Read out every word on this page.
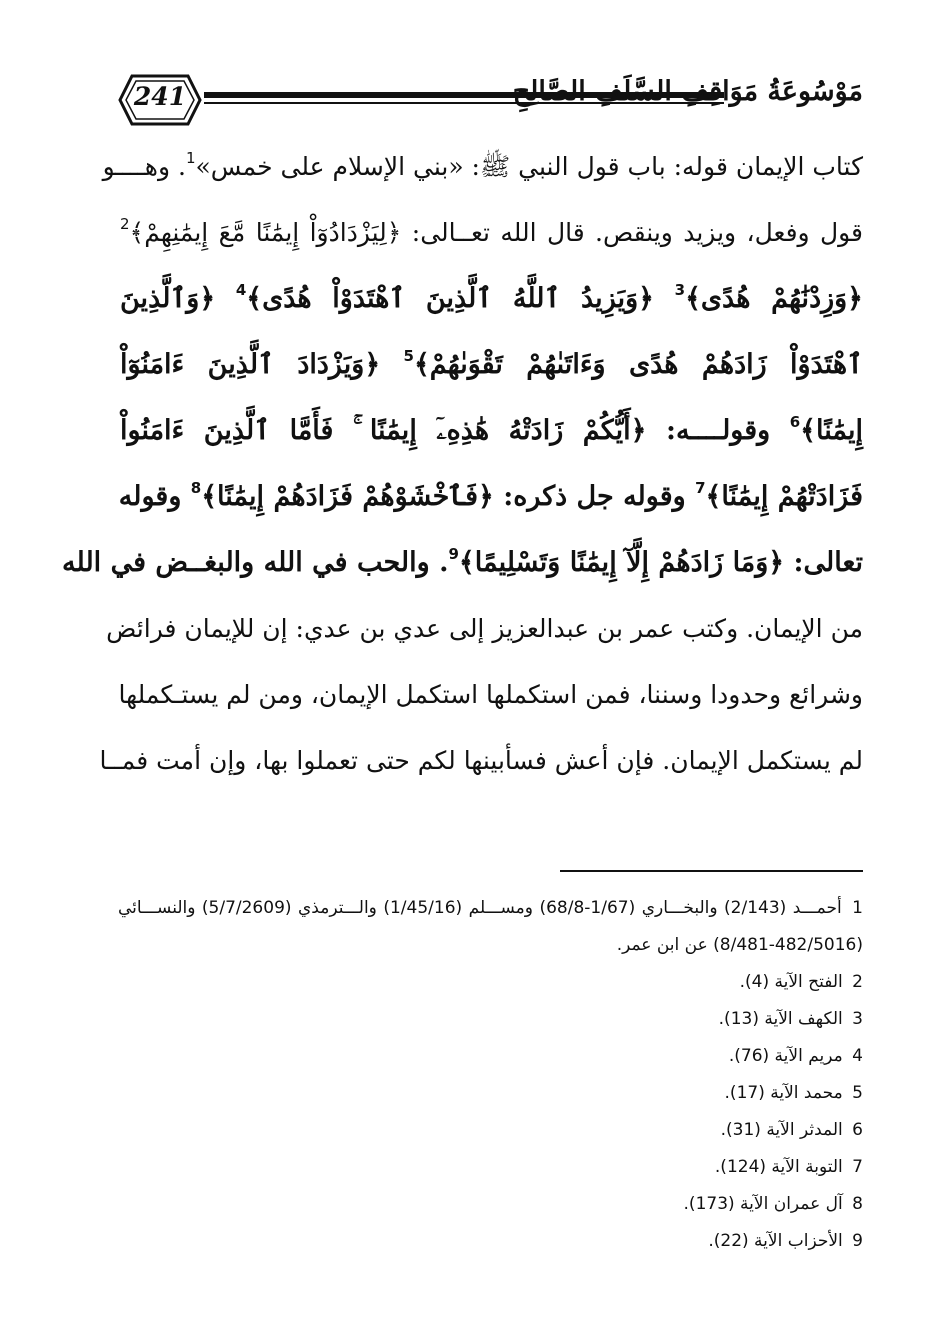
241	مَوْسُوعَةُ مَوَاقِفِ السَّلَفِ الصَّالِحِ
كتاب الإيمان قوله: باب قول النبي ﷺ: «بني الإسلام على خمس»$^1$. وهــــو
قول وفعل، ويزيد وينقص. قال الله تعــالى: ﴿لِيَزْدَادُوٓاْ إِيمَٰنًا مَّعَ إِيمَٰنِهِمْ﴾$^2$
﴿وَزِدْنَٰهُمْ هُدًى﴾$^3$ ﴿وَيَزِيدُ ٱللَّهُ ٱلَّذِينَ ٱهْتَدَوْاْ هُدًى﴾$^4$ ﴿وَٱلَّذِينَ
ٱهْتَدَوْاْ زَادَهُمْ هُدًى وَءَاتَىٰهُمْ تَقْوَىٰهُمْ﴾$^5$ ﴿وَيَزْدَادَ ٱلَّذِينَ ءَامَنُوٓاْ
إِيمَٰنًا﴾$^6$ وقولــــه: ﴿أَيُّكُمْ زَادَتْهُ هَٰذِهِۦٓ إِيمَٰنًا ۚ فَأَمَّا ٱلَّذِينَ ءَامَنُواْ
فَزَادَتْهُمْ إِيمَٰنًا﴾$^7$ وقوله جل ذكره: ﴿فَٱخْشَوْهُمْ فَزَادَهُمْ إِيمَٰنًا﴾$^8$ وقوله
تعالى: ﴿وَمَا زَادَهُمْ إِلَّآ إِيمَٰنًا وَتَسْلِيمًا﴾$^9$. والحب في الله والبغــض في الله
من الإيمان. وكتب عمر بن عبدالعزيز إلى عدي بن عدي: إن للإيمان فرائض
وشرائع وحدودا وسننا، فمن استكملها استكمل الإيمان، ومن لم يستـكملها
لم يستكمل الإيمان. فإن أعش فسأبينها لكم حتى تعملوا بها، وإن أمت فمــا
1 أحمـــد (2/143) والبخـــاري (1/67-68/8) ومســـلم (1/45/16) والـــترمذي (5/7/2609) والنســـائي
(8/481-482/5016) عن ابن عمر.
2 الفتح الآية (4).
3 الكهف الآية (13).
4 مريم الآية (76).
5 محمد الآية (17).
6 المدثر الآية (31).
7 التوبة الآية (124).
8 آل عمران الآية (173).
9 الأحزاب الآية (22).
